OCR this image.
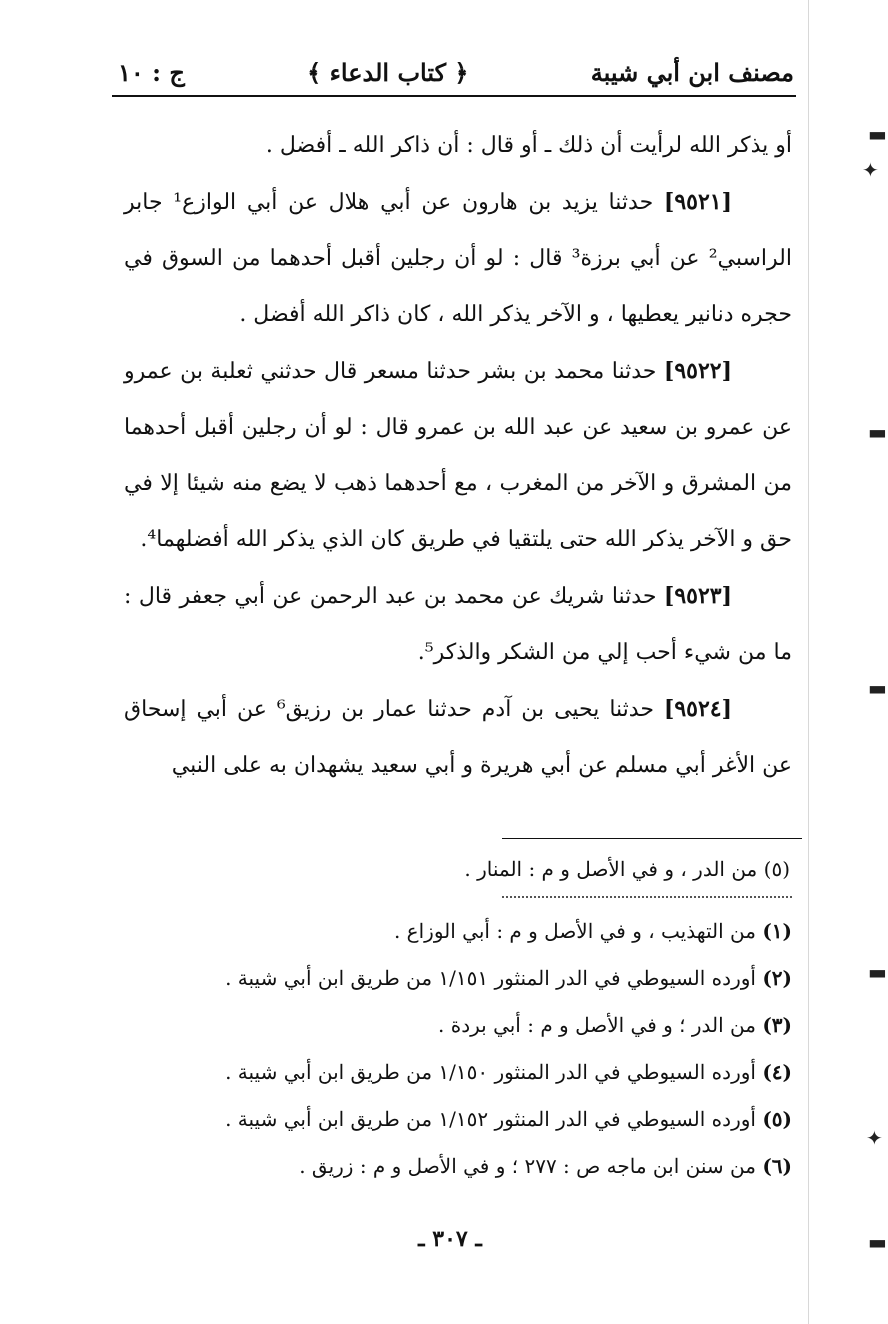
مصنف ابن أبي شيبة
﴿ كتاب الدعاء ﴾
ج : ١٠

أو يذكر الله لرأيت أن ذلك ـ أو قال : أن ذاكر الله ـ أفضل .

[٩٥٢١] حدثنا يزيد بن هارون عن أبي هلال عن أبي الوازع¹ جابر الراسبي² عن أبي برزة³ قال : لو أن رجلين أقبل أحدهما من السوق في حجره دنانير يعطيها ، و الآخر يذكر الله ، كان ذاكر الله أفضل .

[٩٥٢٢] حدثنا محمد بن بشر حدثنا مسعر قال حدثني ثعلبة بن عمرو عن عمرو بن سعيد عن عبد الله بن عمرو قال : لو أن رجلين أقبل أحدهما من المشرق و الآخر من المغرب ، مع أحدهما ذهب لا يضع منه شيئا إلا في حق و الآخر يذكر الله حتى يلتقيا في طريق كان الذي يذكر الله أفضلهما⁴.

[٩٥٢٣] حدثنا شريك عن محمد بن عبد الرحمن عن أبي جعفر قال : ما من شيء أحب إلي من الشكر والذكر⁵.

[٩٥٢٤] حدثنا يحيى بن آدم حدثنا عمار بن رزيق⁶ عن أبي إسحاق عن الأغر أبي مسلم عن أبي هريرة و أبي سعيد يشهدان به على النبي

(٥) من الدر ، و في الأصل و م : المنار .

(١) من التهذيب ، و في الأصل و م : أبي الوزاع .

(٢) أورده السيوطي في الدر المنثور ١/١٥١ من طريق ابن أبي شيبة .

(٣) من الدر ؛ و في الأصل و م : أبي بردة .

(٤) أورده السيوطي في الدر المنثور ١/١٥٠ من طريق ابن أبي شيبة .

(٥) أورده السيوطي في الدر المنثور ١/١٥٢ من طريق ابن أبي شيبة .

(٦) من سنن ابن ماجه ص : ٢٧٧ ؛ و في الأصل و م : زريق .

ـ ٣٠٧ ـ
▬
✦
▬
▬
▬
✦
▬
